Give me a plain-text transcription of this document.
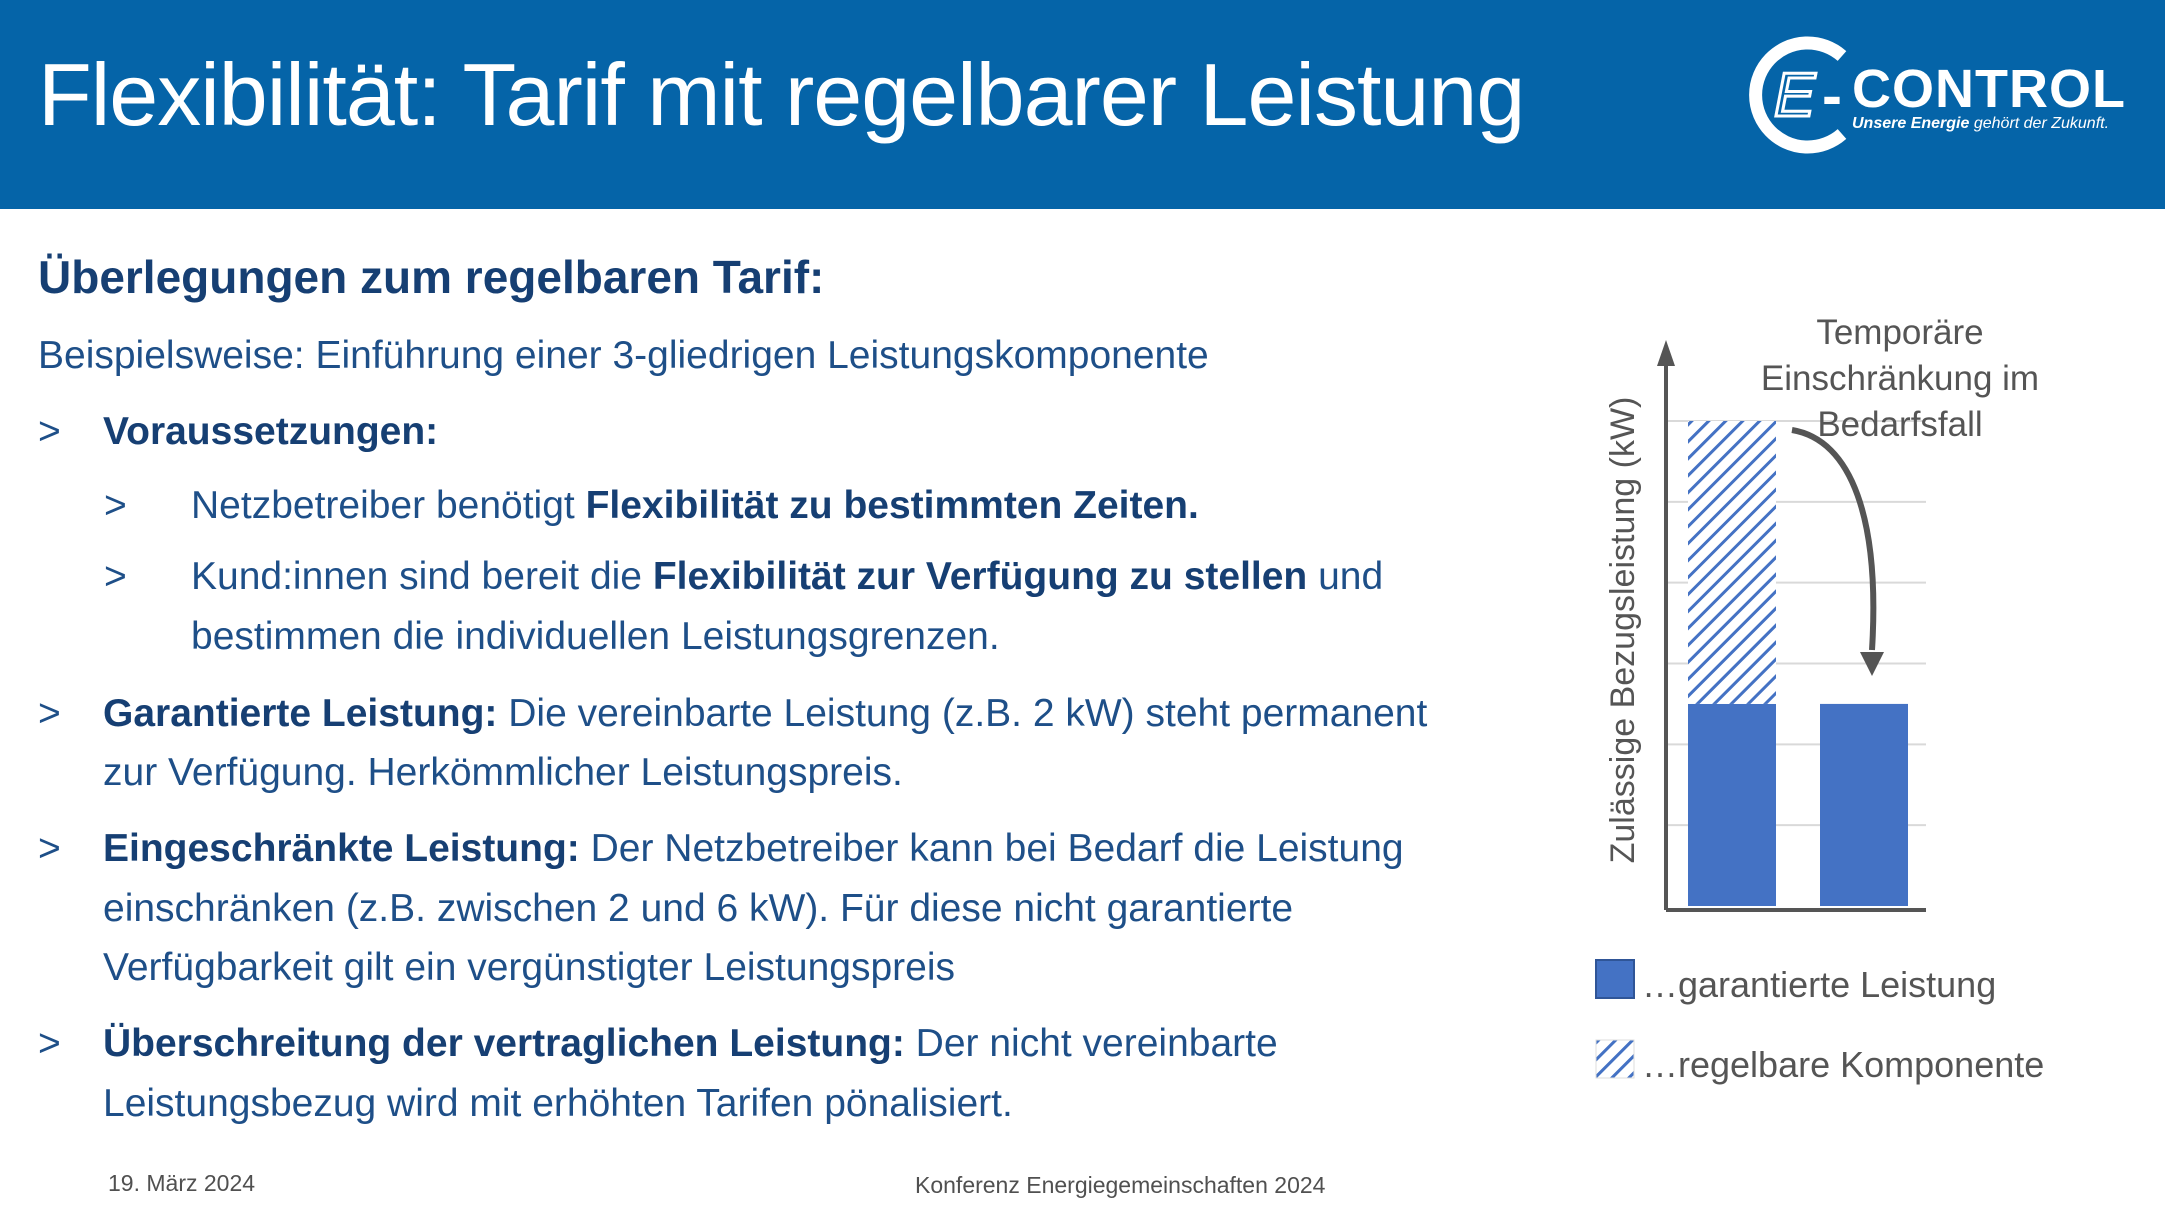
Flexibilität: Tarif mit regelbarer Leistung	E - CONTROL
Unsere Energie gehört der Zukunft.
Überlegungen zum regelbaren Tarif:
Beispielsweise: Einführung einer 3-gliedrigen Leistungskomponente
> Voraussetzungen:
> Netzbetreiber benötigt Flexibilität zu bestimmten Zeiten.
> Kund:innen sind bereit die Flexibilität zur Verfügung zu stellen und
bestimmen die individuellen Leistungsgrenzen.
> Garantierte Leistung: Die vereinbarte Leistung (z.B. 2 kW) steht permanent
zur Verfügung. Herkömmlicher Leistungspreis.
> Eingeschränkte Leistung: Der Netzbetreiber kann bei Bedarf die Leistung
einschränken (z.B. zwischen 2 und 6 kW). Für diese nicht garantierte
Verfügbarkeit gilt ein vergünstigter Leistungspreis
> Überschreitung der vertraglichen Leistung: Der nicht vereinbarte
Leistungsbezug wird mit erhöhten Tarifen pönalisiert.
Zulässige Bezugsleistung (kW)
Temporäre
Einschränkung im
Bedarfsfall
…garantierte Leistung
…regelbare Komponente
19. März 2024	Konferenz Energiegemeinschaften 2024
